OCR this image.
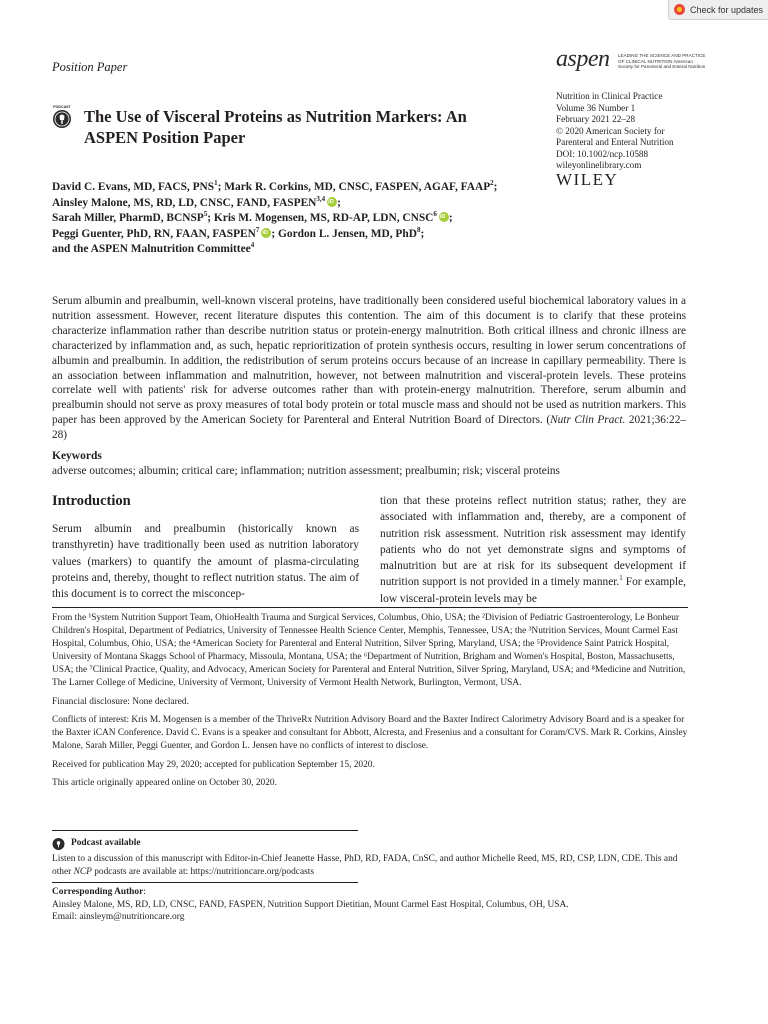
Check for updates
Position Paper	aspen LEADING THE SCIENCE AND PRACTICE OF CLINICAL NUTRITION American Society for Parenteral and Enteral Nutrition
Nutrition in Clinical Practice
Volume 36 Number 1
February 2021 22–28
© 2020 American Society for
Parenteral and Enteral Nutrition
DOI: 10.1002/ncp.10588
wileyonlinelibrary.com
WILEY
PODCAST The Use of Visceral Proteins as Nutrition Markers: An ASPEN Position Paper
David C. Evans, MD, FACS, PNS$^1$; Mark R. Corkins, MD, CNSC, FASPEN, AGAF, FAAP$^2$;
Ainsley Malone, MS, RD, LD, CNSC, FAND, FASPEN$^{3,4}$ iD ;
Sarah Miller, PharmD, BCNSP$^5$; Kris M. Mogensen, MS, RD-AP, LDN, CNSC$^6$ iD ;
Peggi Guenter, PhD, RN, FAAN, FASPEN$^7$ iD ; Gordon L. Jensen, MD, PhD$^8$;
and the ASPEN Malnutrition Committee$^4$
Serum albumin and prealbumin, well-known visceral proteins, have traditionally been considered useful biochemical laboratory values in a nutrition assessment. However, recent literature disputes this contention. The aim of this document is to clarify that these proteins characterize inflammation rather than describe nutrition status or protein-energy malnutrition. Both critical illness and chronic illness are characterized by inflammation and, as such, hepatic reprioritization of protein synthesis occurs, resulting in lower serum concentrations of albumin and prealbumin. In addition, the redistribution of serum proteins occurs because of an increase in capillary permeability. There is an association between inflammation and malnutrition, however, not between malnutrition and visceral-protein levels. These proteins correlate well with patients' risk for adverse outcomes rather than with protein-energy malnutrition. Therefore, serum albumin and prealbumin should not serve as proxy measures of total body protein or total muscle mass and should not be used as nutrition markers. This paper has been approved by the American Society for Parenteral and Enteral Nutrition Board of Directors. (Nutr Clin Pract. 2021;36:22–28)
Keywords
adverse outcomes; albumin; critical care; inflammation; nutrition assessment; prealbumin; risk; visceral proteins
Introduction
Serum albumin and prealbumin (historically known as transthyretin) have traditionally been used as nutrition laboratory values (markers) to quantify the amount of plasma-circulating proteins and, thereby, thought to reflect nutrition status. The aim of this document is to correct the misconcep-
tion that these proteins reflect nutrition status; rather, they are associated with inflammation and, thereby, are a component of nutrition risk assessment. Nutrition risk assessment may identify patients who do not yet demonstrate signs and symptoms of malnutrition but are at risk for its subsequent development if nutrition support is not provided in a timely manner.$^1$ For example, low visceral-protein levels may be

From the ¹System Nutrition Support Team, OhioHealth Trauma and Surgical Services, Columbus, Ohio, USA; the ²Division of Pediatric Gastroenterology, Le Bonheur Children's Hospital, Department of Pediatrics, University of Tennessee Health Science Center, Memphis, Tennessee, USA; the ³Nutrition Services, Mount Carmel East Hospital, Columbus, Ohio, USA; the ⁴American Society for Parenteral and Enteral Nutrition, Silver Spring, Maryland, USA; the ⁵Providence Saint Patrick Hospital, University of Montana Skaggs School of Pharmacy, Missoula, Montana, USA; the ⁶Department of Nutrition, Brigham and Women's Hospital, Boston, Massachusetts, USA; the ⁷Clinical Practice, Quality, and Advocacy, American Society for Parenteral and Enteral Nutrition, Silver Spring, Maryland, USA; and ⁸Medicine and Nutrition, The Larner College of Medicine, University of Vermont, University of Vermont Health Network, Burlington, Vermont, USA.

Financial disclosure: None declared.

Conflicts of interest: Kris M. Mogensen is a member of the ThriveRx Nutrition Advisory Board and the Baxter Indirect Calorimetry Advisory Board and is a speaker for the Baxter iCAN Conference. David C. Evans is a speaker and consultant for Abbott, Alcresta, and Fresenius and a consultant for Coram/CVS. Mark R. Corkins, Ainsley Malone, Sarah Miller, Peggi Guenter, and Gordon L. Jensen have no conflicts of interest to disclose.

Received for publication May 29, 2020; accepted for publication September 15, 2020.

This article originally appeared online on October 30, 2020.

Podcast available
Listen to a discussion of this manuscript with Editor-in-Chief Jeanette Hasse, PhD, RD, FADA, CnSC, and author Michelle Reed, MS, RD, CSP, LDN, CDE. This and other NCP podcasts are available at: https://nutritioncare.org/podcasts
Corresponding Author:
Ainsley Malone, MS, RD, LD, CNSC, FAND, FASPEN, Nutrition Support Dietitian, Mount Carmel East Hospital, Columbus, OH, USA.
Email: ainsleym@nutritioncare.org
